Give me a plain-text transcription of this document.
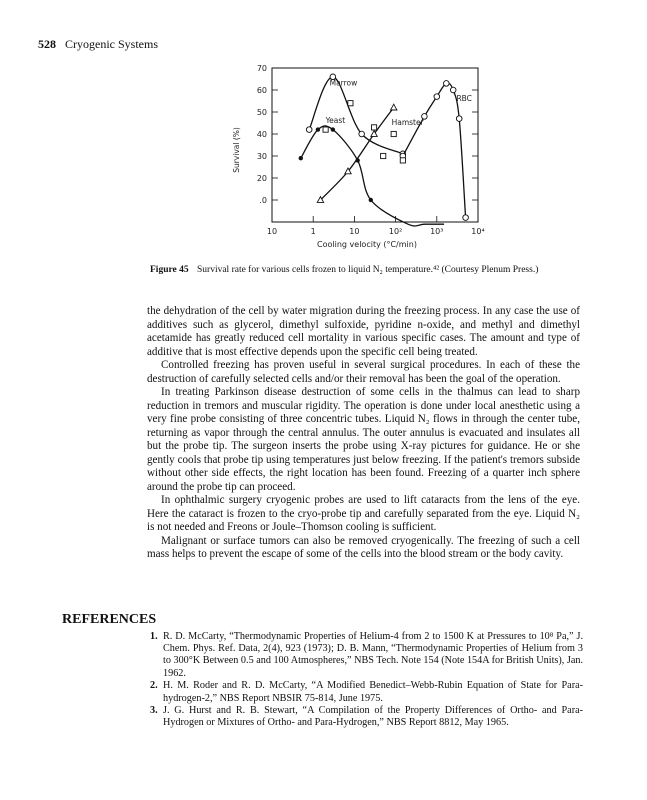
528 Cryogenic Systems
.0
20
30
40
50
60
70
10	1	10	10²	10³	10⁴
Cooling velocity (°C/min)
Survival (%)
Marrow
Yeast	Hamster
RBC
Figure 45 Survival rate for various cells frozen to liquid N₂ temperature.⁴² (Courtesy Plenum Press.)

the dehydration of the cell by water migration during the freezing process. In any case the use of additives such as glycerol, dimethyl sulfoxide, pyridine n-oxide, and methyl and dimethyl acetamide has greatly reduced cell mortality in various specific cases. The amount and type of additive that is most effective depends upon the specific cell being treated.

Controlled freezing has proven useful in several surgical procedures. In each of these the destruction of carefully selected cells and/or their removal has been the goal of the operation.

In treating Parkinson disease destruction of some cells in the thalmus can lead to sharp reduction in tremors and muscular rigidity. The operation is done under local anesthetic using a very fine probe consisting of three concentric tubes. Liquid N₂ flows in through the center tube, returning as vapor through the central annulus. The outer annulus is evacuated and insulates all but the probe tip. The surgeon inserts the probe using X-ray pictures for guidance. He or she gently cools that probe tip using temperatures just below freezing. If the patient's tremors subside without other side effects, the right location has been found. Freezing of a quarter inch sphere around the probe tip can proceed.

In ophthalmic surgery cryogenic probes are used to lift cataracts from the lens of the eye. Here the cataract is frozen to the cryo-probe tip and carefully separated from the eye. Liquid N₂ is not needed and Freons or Joule–Thomson cooling is sufficient.

Malignant or surface tumors can also be removed cryogenically. The freezing of such a cell mass helps to prevent the escape of some of the cells into the blood stream or the body cavity.

REFERENCES
1. R. D. McCarty, “Thermodynamic Properties of Helium-4 from 2 to 1500 K at Pressures to 10⁸ Pa,” J. Chem. Phys. Ref. Data, 2(4), 923 (1973); D. B. Mann, “Thermodynamic Properties of Helium from 3 to 300°K Between 0.5 and 100 Atmospheres,” NBS Tech. Note 154 (Note 154A for British Units), Jan. 1962.
2. H. M. Roder and R. D. McCarty, “A Modified Benedict–Webb-Rubin Equation of State for Para-hydrogen-2,” NBS Report NBSIR 75-814, June 1975.
3. J. G. Hurst and R. B. Stewart, “A Compilation of the Property Differences of Ortho- and Para-Hydrogen or Mixtures of Ortho- and Para-Hydrogen,” NBS Report 8812, May 1965.
